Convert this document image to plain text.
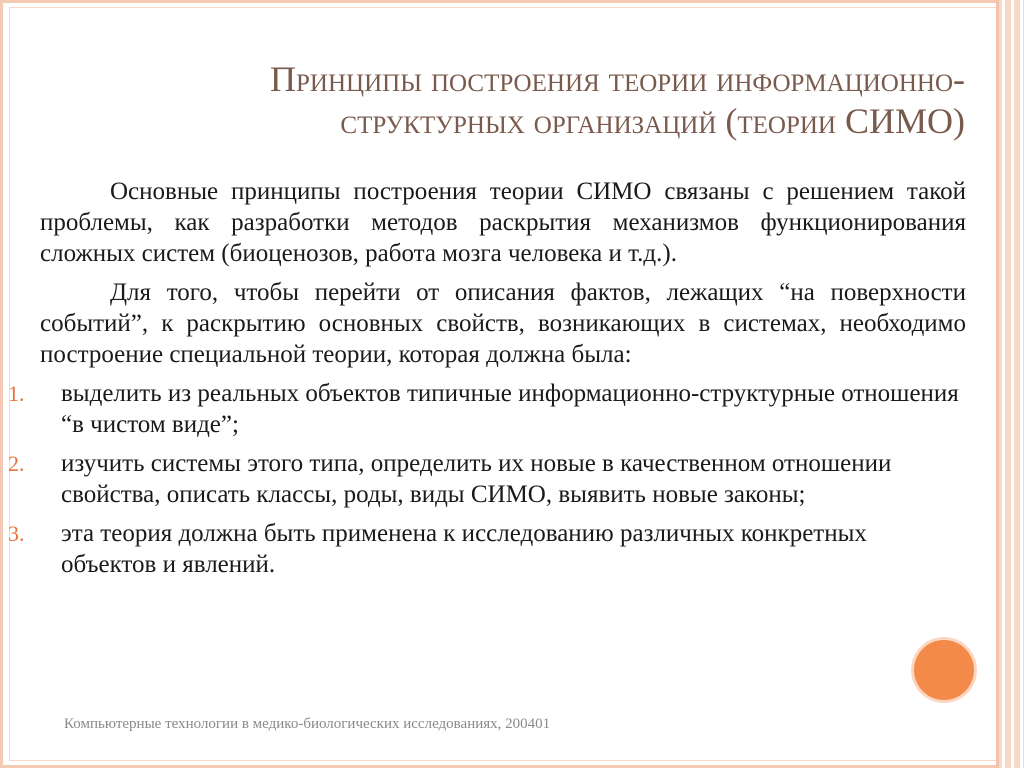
Принципы построения теории информационно-
структурных организаций (теории СИМО)

Основные принципы построения теории СИМО связаны с решением такой проблемы, как разработки методов раскрытия механизмов функционирования сложных систем (биоценозов, работа мозга человека и т.д.).

Для того, чтобы перейти от описания фактов, лежащих “на поверхности событий”, к раскрытию основных свойств, возникающих в системах, необходимо построение специальной теории, которая должна была:

1. выделить из реальных объектов типичные информационно-структурные отношения “в чистом виде”;
2. изучить системы этого типа, определить их новые в качественном отношении свойства, описать классы, роды, виды СИМО, выявить новые законы;
3. эта теория должна быть применена к исследованию различных конкретных объектов и явлений.
Компьютерные технологии в медико-биологических исследованиях, 200401
